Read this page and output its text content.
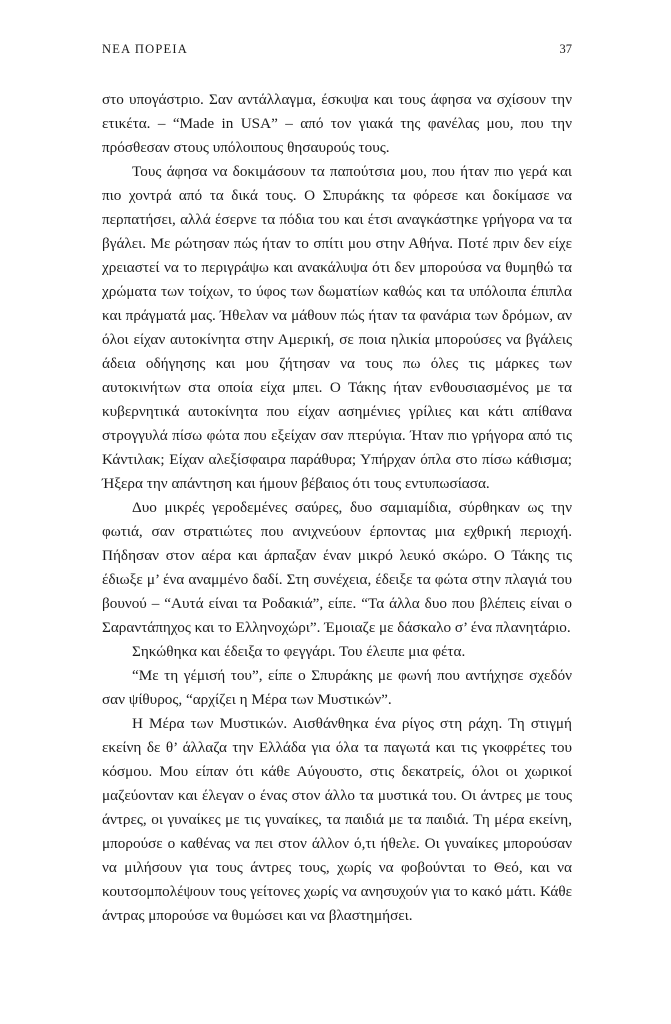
ΝΕΑ ΠΟΡΕΙΑ	37

στο υπογάστριο. Σαν αντάλλαγμα, έσκυψα και τους άφησα να σχίσουν την ετικέτα. – “Made in USA” – από τον γιακά της φανέλας μου, που την πρόσθεσαν στους υπόλοιπους θησαυρούς τους.

Τους άφησα να δοκιμάσουν τα παπούτσια μου, που ήταν πιο γερά και πιο χοντρά από τα δικά τους. Ο Σπυράκης τα φόρεσε και δοκίμασε να περπατήσει, αλλά έσερνε τα πόδια του και έτσι αναγκάστηκε γρήγορα να τα βγάλει. Με ρώτησαν πώς ήταν το σπίτι μου στην Αθήνα. Ποτέ πριν δεν είχε χρειαστεί να το περιγράψω και ανακάλυψα ότι δεν μπορούσα να θυμηθώ τα χρώματα των τοίχων, το ύφος των δωματίων καθώς και τα υπόλοιπα έπιπλα και πράγματά μας. Ήθελαν να μάθουν πώς ήταν τα φανάρια των δρόμων, αν όλοι είχαν αυτοκίνητα στην Αμερική, σε ποια ηλικία μπορούσες να βγάλεις άδεια οδήγησης και μου ζήτησαν να τους πω όλες τις μάρκες των αυτοκινήτων στα οποία είχα μπει. Ο Τάκης ήταν ενθουσιασμένος με τα κυβερνητικά αυτοκίνητα που είχαν ασημένιες γρίλιες και κάτι απίθανα στρογγυλά πίσω φώτα που εξείχαν σαν πτερύγια. Ήταν πιο γρήγορα από τις Κάντιλακ; Είχαν αλεξίσφαιρα παράθυρα; Υπήρχαν όπλα στο πίσω κάθισμα; Ήξερα την απάντηση και ήμουν βέβαιος ότι τους εντυπωσίασα.

Δυο μικρές γεροδεμένες σαύρες, δυο σαμιαμίδια, σύρθηκαν ως την φωτιά, σαν στρατιώτες που ανιχνεύουν έρποντας μια εχθρική περιοχή. Πήδησαν στον αέρα και άρπαξαν έναν μικρό λευκό σκώρο. Ο Τάκης τις έδιωξε μ’ ένα αναμμένο δαδί. Στη συνέχεια, έδειξε τα φώτα στην πλαγιά του βουνού – “Αυτά είναι τα Ροδακιά”, είπε. “Τα άλλα δυο που βλέπεις είναι ο Σαραντάπηχος και το Ελληνοχώρι”. Έμοιαζε με δάσκαλο σ’ ένα πλανητάριο.

Σηκώθηκα και έδειξα το φεγγάρι. Του έλειπε μια φέτα.

“Με τη γέμισή του”, είπε ο Σπυράκης με φωνή που αντήχησε σχεδόν σαν ψίθυρος, “αρχίζει η Μέρα των Μυστικών”.

Η Μέρα των Μυστικών. Αισθάνθηκα ένα ρίγος στη ράχη. Τη στιγμή εκείνη δε θ’ άλλαζα την Ελλάδα για όλα τα παγωτά και τις γκοφρέτες του κόσμου. Μου είπαν ότι κάθε Αύγουστο, στις δεκατρείς, όλοι οι χωρικοί μαζεύονταν και έλεγαν ο ένας στον άλλο τα μυστικά του. Οι άντρες με τους άντρες, οι γυναίκες με τις γυναίκες, τα παιδιά με τα παιδιά. Τη μέρα εκείνη, μπορούσε ο καθένας να πει στον άλλον ό,τι ήθελε. Οι γυναίκες μπορούσαν να μιλήσουν για τους άντρες τους, χωρίς να φοβούνται το Θεό, και να κουτσομπολέψουν τους γείτονες χωρίς να ανησυχούν για το κακό μάτι. Κάθε άντρας μπορούσε να θυμώσει και να βλαστημήσει.
